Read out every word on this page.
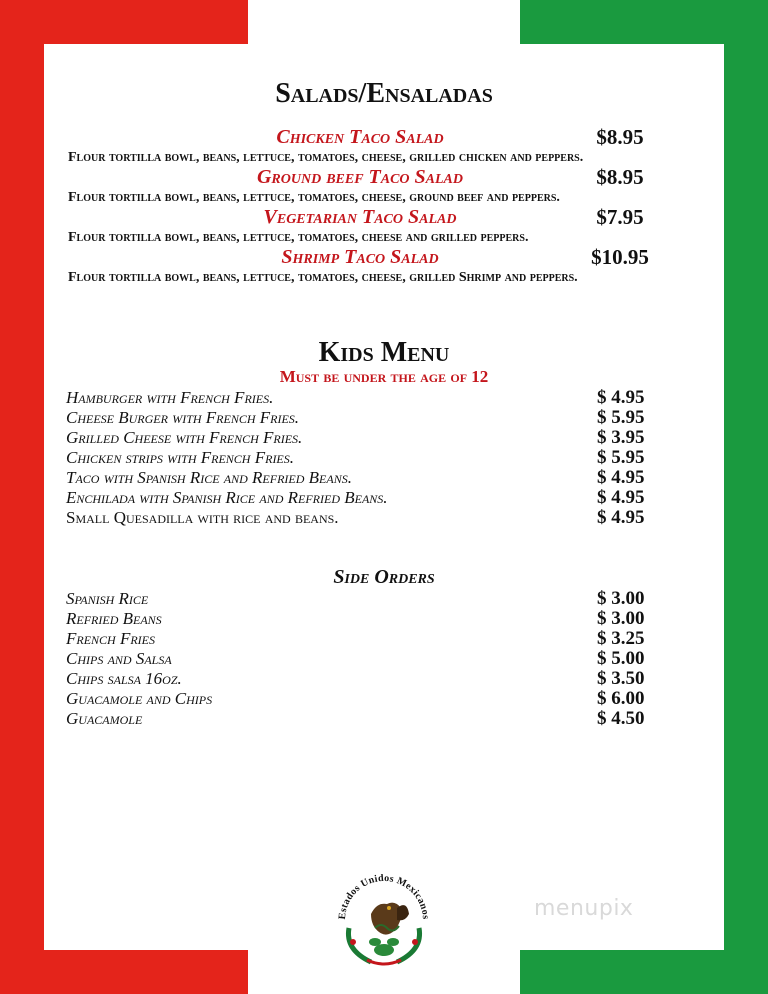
Salads/Ensaladas
Chicken Taco Salad	$8.95
Flour tortilla bowl, beans, lettuce, tomatoes, cheese, grilled chicken and peppers.
Ground beef Taco Salad	$8.95
Flour tortilla bowl, beans, lettuce, tomatoes, cheese, ground beef and peppers.
Vegetarian Taco Salad	$7.95
Flour tortilla bowl, beans, lettuce, tomatoes, cheese and grilled peppers.
Shrimp Taco Salad	$10.95
Flour tortilla bowl, beans, lettuce, tomatoes, cheese, grilled Shrimp and peppers.
Kids Menu
Must be under the age of 12
Hamburger with French Fries.	$ 4.95
Cheese Burger with French Fries.	$ 5.95
Grilled Cheese with French Fries.	$ 3.95
Chicken strips with French Fries.	$ 5.95
Taco with Spanish Rice and Refried Beans.	$ 4.95
Enchilada with Spanish Rice and Refried Beans.	$ 4.95
Small Quesadilla with rice and beans.	$ 4.95
Side Orders
Spanish Rice	$ 3.00
Refried Beans	$ 3.00
French Fries	$ 3.25
Chips and Salsa	$ 5.00
Chips salsa 16oz.	$ 3.50
Guacamole and Chips	$ 6.00
Guacamole	$ 4.50
Estados Unidos Mexicanos	menupix
